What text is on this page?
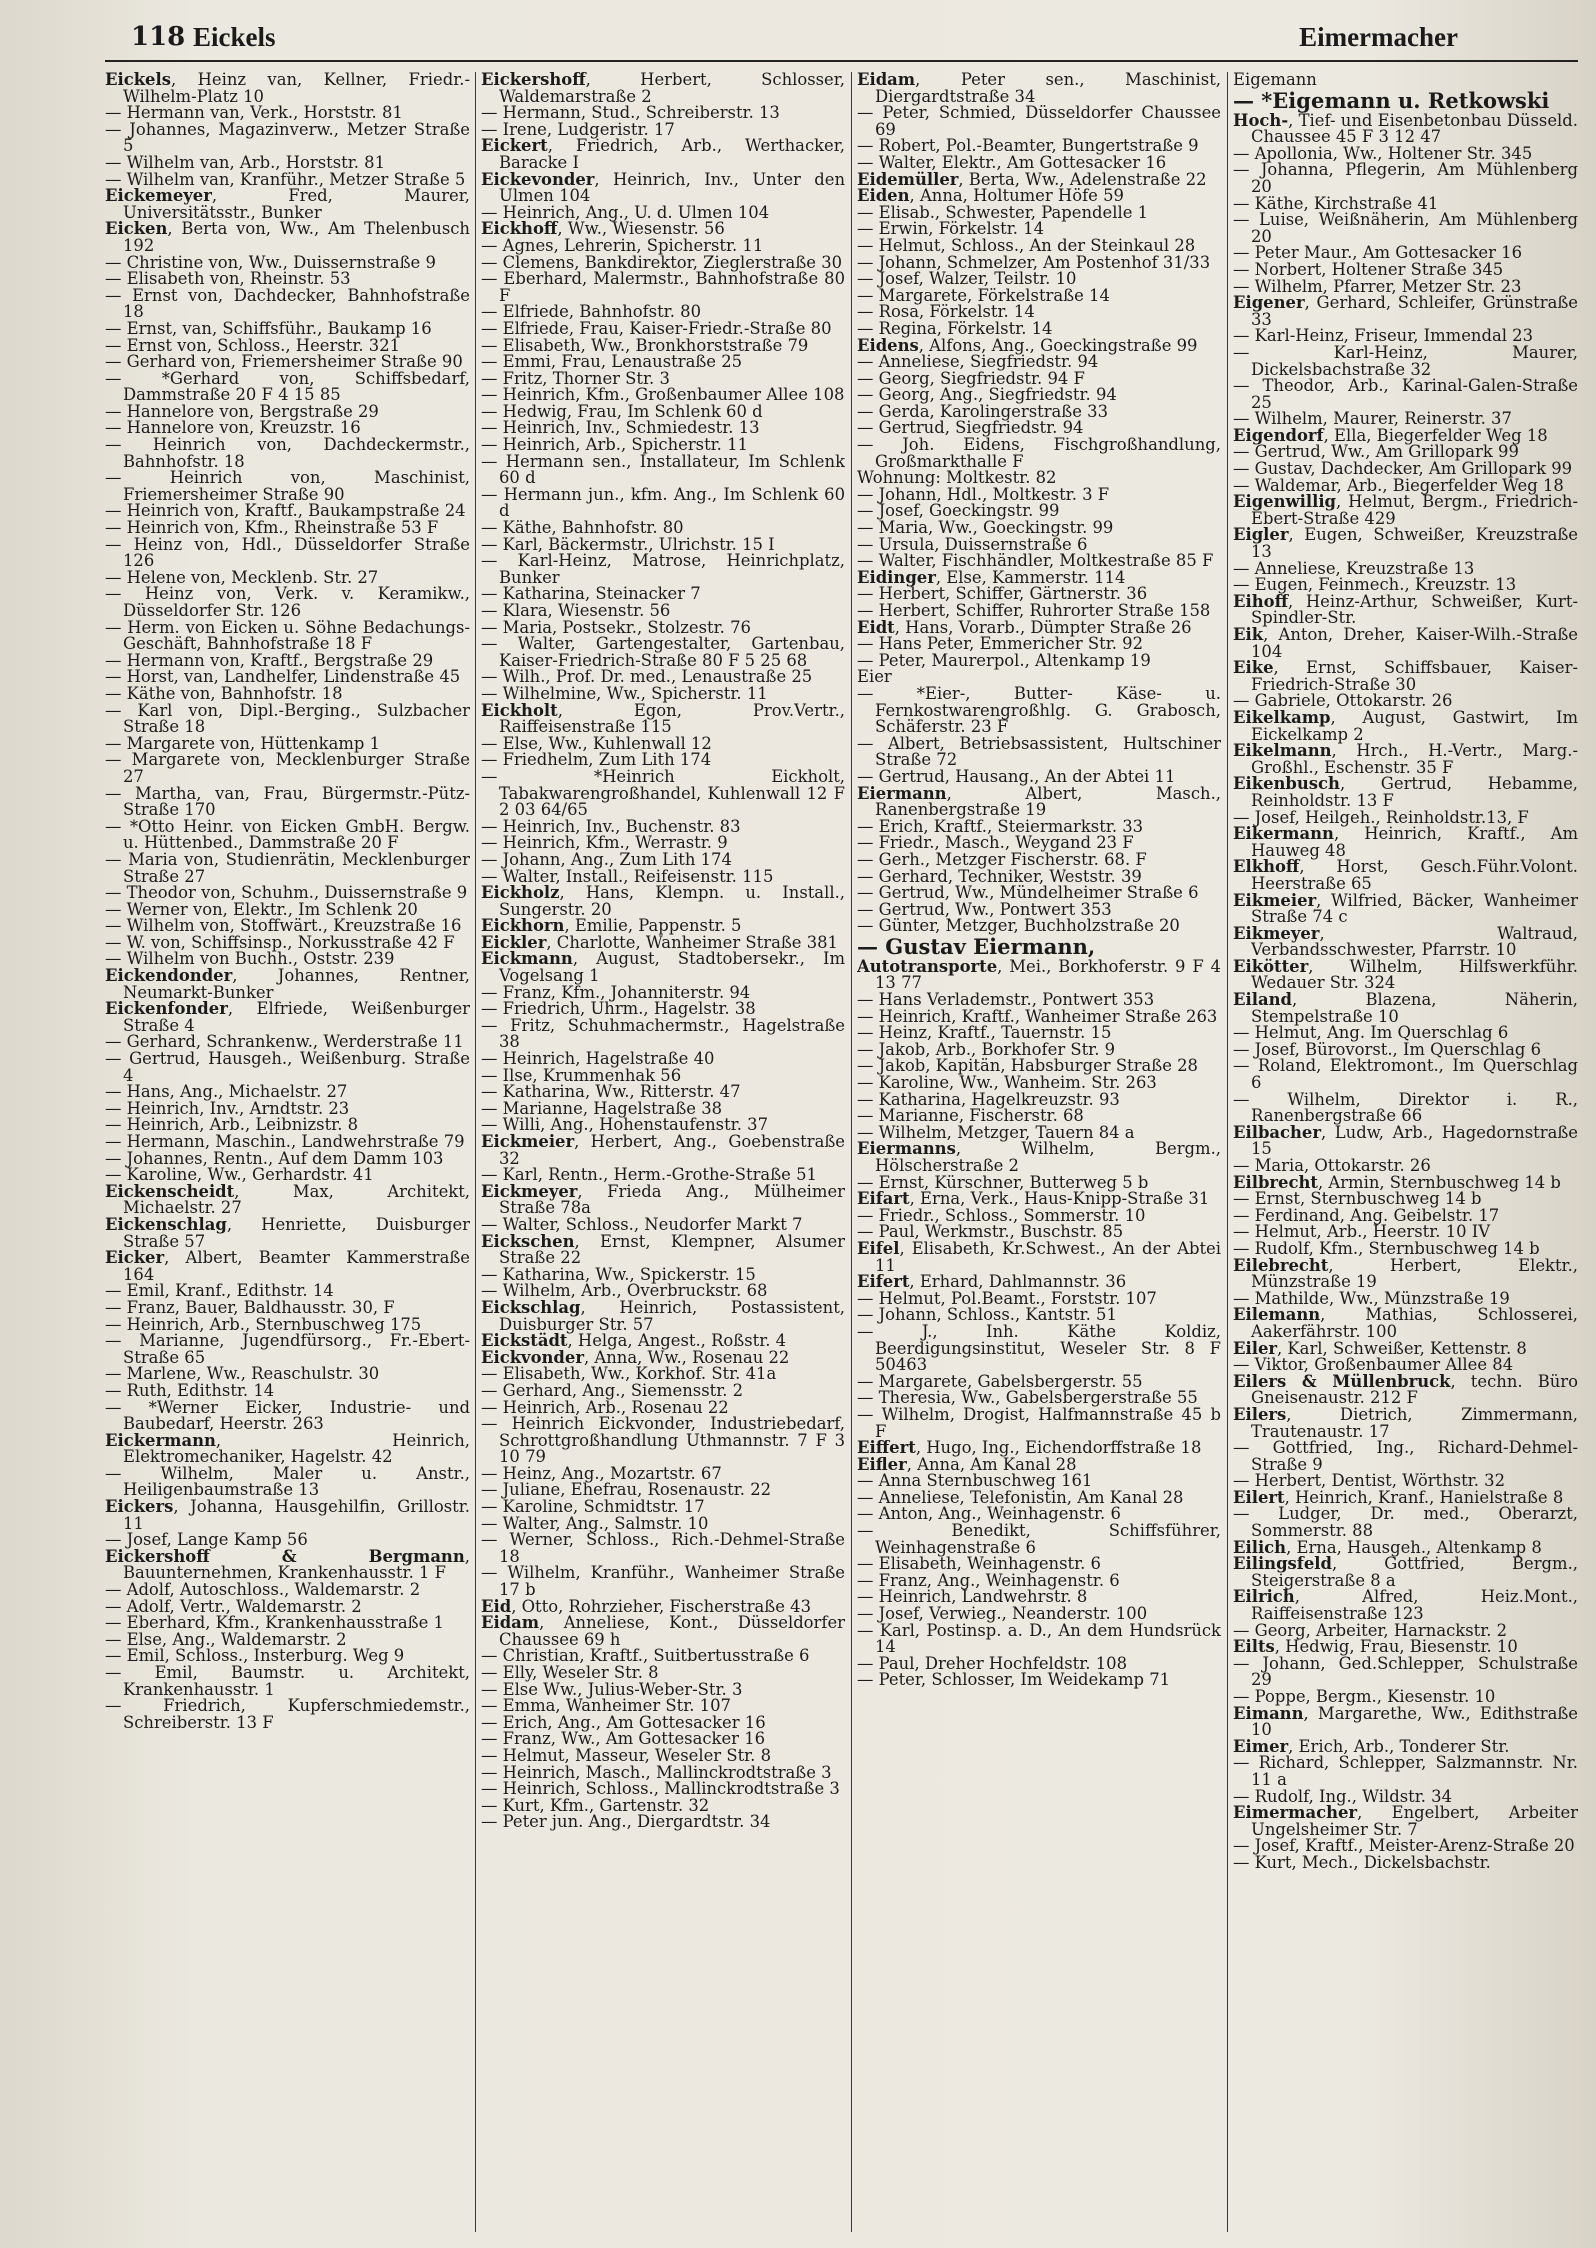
118 Eickels	Eimermacher
Eickels, Heinz van, Kellner, Friedr.-Wilhelm-Platz 10
— Hermann van, Verk., Horststr. 81
— Johannes, Magazinverw., Metzer Straße 5
— Wilhelm van, Arb., Horststr. 81
— Wilhelm van, Kranführ., Metzer Straße 5
Eickemeyer, Fred, Maurer, Universitätsstr., Bunker
Eicken, Berta von, Ww., Am Thelenbusch 192
— Christine von, Ww., Duissernstraße 9
— Elisabeth von, Rheinstr. 53
— Ernst von, Dachdecker, Bahnhofstraße 18
— Ernst, van, Schiffsführ., Baukamp 16
— Ernst von, Schloss., Heerstr. 321
— Gerhard von, Friemersheimer Straße 90
— *Gerhard von, Schiffsbedarf, Dammstraße 20 F 4 15 85
— Hannelore von, Bergstraße 29
— Hannelore von, Kreuzstr. 16
— Heinrich von, Dachdeckermstr., Bahnhofstr. 18
— Heinrich von, Maschinist, Friemersheimer Straße 90
— Heinrich von, Kraftf., Baukampstraße 24
— Heinrich von, Kfm., Rheinstraße 53 F
— Heinz von, Hdl., Düsseldorfer Straße 126
— Helene von, Mecklenb. Str. 27
— Heinz von, Verk. v. Keramikw., Düsseldorfer Str. 126
— Herm. von Eicken u. Söhne Bedachungs-Geschäft, Bahnhofstraße 18 F
— Hermann von, Kraftf., Bergstraße 29
— Horst, van, Landhelfer, Lindenstraße 45
— Käthe von, Bahnhofstr. 18
— Karl von, Dipl.-Berging., Sulzbacher Straße 18
— Margarete von, Hüttenkamp 1
— Margarete von, Mecklenburger Straße 27
— Martha, van, Frau, Bürgermstr.-Pütz-Straße 170
— *Otto Heinr. von Eicken GmbH. Bergw. u. Hüttenbed., Dammstraße 20 F
— Maria von, Studienrätin, Mecklenburger Straße 27
— Theodor von, Schuhm., Duissernstraße 9
— Werner von, Elektr., Im Schlenk 20
— Wilhelm von, Stoffwärt., Kreuzstraße 16
— W. von, Schiffsinsp., Norkusstraße 42 F
— Wilhelm von Buchh., Oststr. 239
Eickendonder, Johannes, Rentner, Neumarkt-Bunker
Eickenfonder, Elfriede, Weißenburger Straße 4
— Gerhard, Schrankenw., Werderstraße 11
— Gertrud, Hausgeh., Weißenburg. Straße 4
— Hans, Ang., Michaelstr. 27
— Heinrich, Inv., Arndtstr. 23
— Heinrich, Arb., Leibnizstr. 8
— Hermann, Maschin., Landwehrstraße 79
— Johannes, Rentn., Auf dem Damm 103
— Karoline, Ww., Gerhardstr. 41
Eickenscheidt, Max, Architekt, Michaelstr. 27
Eickenschlag, Henriette, Duisburger Straße 57
Eicker, Albert, Beamter Kammerstraße 164
— Emil, Kranf., Edithstr. 14
— Franz, Bauer, Baldhausstr. 30, F
— Heinrich, Arb., Sternbuschweg 175
— Marianne, Jugendfürsorg., Fr.-Ebert-Straße 65
— Marlene, Ww., Reaschulstr. 30
— Ruth, Edithstr. 14
— *Werner Eicker, Industrie- und Baubedarf, Heerstr. 263
Eickermann, Heinrich, Elektromechaniker, Hagelstr. 42
— Wilhelm, Maler u. Anstr., Heiligenbaumstraße 13
Eickers, Johanna, Hausgehilfin, Grillostr. 11
— Josef, Lange Kamp 56
Eickershoff & Bergmann, Bauunternehmen, Krankenhausstr. 1 F
— Adolf, Autoschloss., Waldemarstr. 2
— Adolf, Vertr., Waldemarstr. 2
— Eberhard, Kfm., Krankenhausstraße 1
— Else, Ang., Waldemarstr. 2
— Emil, Schloss., Insterburg. Weg 9
— Emil, Baumstr. u. Architekt, Krankenhausstr. 1
— Friedrich, Kupferschmiedemstr., Schreiberstr. 13 F
Eickershoff, Herbert, Schlosser, Waldemarstraße 2
— Hermann, Stud., Schreiberstr. 13
— Irene, Ludgeristr. 17
Eickert, Friedrich, Arb., Werthacker, Baracke I
Eickevonder, Heinrich, Inv., Unter den Ulmen 104
— Heinrich, Ang., U. d. Ulmen 104
Eickhoff, Ww., Wiesenstr. 56
— Agnes, Lehrerin, Spicherstr. 11
— Clemens, Bankdirektor, Zieglerstraße 30
— Eberhard, Malermstr., Bahnhofstraße 80 F
— Elfriede, Bahnhofstr. 80
— Elfriede, Frau, Kaiser-Friedr.-Straße 80
— Elisabeth, Ww., Bronkhorststraße 79
— Emmi, Frau, Lenaustraße 25
— Fritz, Thorner Str. 3
— Heinrich, Kfm., Großenbaumer Allee 108
— Hedwig, Frau, Im Schlenk 60 d
— Heinrich, Inv., Schmiedestr. 13
— Heinrich, Arb., Spicherstr. 11
— Hermann sen., Installateur, Im Schlenk 60 d
— Hermann jun., kfm. Ang., Im Schlenk 60 d
— Käthe, Bahnhofstr. 80
— Karl, Bäckermstr., Ulrichstr. 15 I
— Karl-Heinz, Matrose, Heinrichplatz, Bunker
— Katharina, Steinacker 7
— Klara, Wiesenstr. 56
— Maria, Postsekr., Stolzestr. 76
— Walter, Gartengestalter, Gartenbau, Kaiser-Friedrich-Straße 80 F 5 25 68
— Wilh., Prof. Dr. med., Lenaustraße 25
— Wilhelmine, Ww., Spicherstr. 11
Eickholt, Egon, Prov.Vertr., Raiffeisenstraße 115
— Else, Ww., Kuhlenwall 12
— Friedhelm, Zum Lith 174
— *Heinrich Eickholt, Tabakwarengroßhandel, Kuhlenwall 12 F 2 03 64/65
— Heinrich, Inv., Buchenstr. 83
— Heinrich, Kfm., Werrastr. 9
— Johann, Ang., Zum Lith 174
— Walter, Install., Reifeisenstr. 115
Eickholz, Hans, Klempn. u. Install., Sungerstr. 20
Eickhorn, Emilie, Pappenstr. 5
Eickler, Charlotte, Wanheimer Straße 381
Eickmann, August, Stadtobersekr., Im Vogelsang 1
— Franz, Kfm., Johanniterstr. 94
— Friedrich, Uhrm., Hagelstr. 38
— Fritz, Schuhmachermstr., Hagelstraße 38
— Heinrich, Hagelstraße 40
— Ilse, Krummenhak 56
— Katharina, Ww., Ritterstr. 47
— Marianne, Hagelstraße 38
— Willi, Ang., Hohenstaufenstr. 37
Eickmeier, Herbert, Ang., Goebenstraße 32
— Karl, Rentn., Herm.-Grothe-Straße 51
Eickmeyer, Frieda Ang., Mülheimer Straße 78a
— Walter, Schloss., Neudorfer Markt 7
Eickschen, Ernst, Klempner, Alsumer Straße 22
— Katharina, Ww., Spickerstr. 15
— Wilhelm, Arb., Overbruckstr. 68
Eickschlag, Heinrich, Postassistent, Duisburger Str. 57
Eickstädt, Helga, Angest., Roßstr. 4
Eickvonder, Anna, Ww., Rosenau 22
— Elisabeth, Ww., Korkhof. Str. 41a
— Gerhard, Ang., Siemensstr. 2
— Heinrich, Arb., Rosenau 22
— Heinrich Eickvonder, Industriebedarf, Schrottgroßhandlung Uthmannstr. 7 F 3 10 79
— Heinz, Ang., Mozartstr. 67
— Juliane, Ehefrau, Rosenaustr. 22
— Karoline, Schmidtstr. 17
— Walter, Ang., Salmstr. 10
— Werner, Schloss., Rich.-Dehmel-Straße 18
— Wilhelm, Kranführ., Wanheimer Straße 17 b
Eid, Otto, Rohrzieher, Fischerstraße 43
Eidam, Anneliese, Kont., Düsseldorfer Chaussee 69 h
— Christian, Kraftf., Suitbertusstraße 6
— Elly, Weseler Str. 8
— Else Ww., Julius-Weber-Str. 3
— Emma, Wanheimer Str. 107
— Erich, Ang., Am Gottesacker 16
— Franz, Ww., Am Gottesacker 16
— Helmut, Masseur, Weseler Str. 8
— Heinrich, Masch., Mallinckrodtstraße 3
— Heinrich, Schloss., Mallinckrodtstraße 3
— Kurt, Kfm., Gartenstr. 32
— Peter jun. Ang., Diergardtstr. 34
Eidam, Peter sen., Maschinist, Diergardtstraße 34
— Peter, Schmied, Düsseldorfer Chaussee 69
— Robert, Pol.-Beamter, Bungertstraße 9
— Walter, Elektr., Am Gottesacker 16
Eidemüller, Berta, Ww., Adelenstraße 22
Eiden, Anna, Holtumer Höfe 59
— Elisab., Schwester, Papendelle 1
— Erwin, Förkelstr. 14
— Helmut, Schloss., An der Steinkaul 28
— Johann, Schmelzer, Am Postenhof 31/33
— Josef, Walzer, Teilstr. 10
— Margarete, Förkelstraße 14
— Rosa, Förkelstr. 14
— Regina, Förkelstr. 14
Eidens, Alfons, Ang., Goeckingstraße 99
— Anneliese, Siegfriedstr. 94
— Georg, Siegfriedstr. 94 F
— Georg, Ang., Siegfriedstr. 94
— Gerda, Karolingerstraße 33
— Gertrud, Siegfriedstr. 94
— Joh. Eidens, Fischgroßhandlung, Großmarkthalle F
Wohnung: Moltkestr. 82
— Johann, Hdl., Moltkestr. 3 F
— Josef, Goeckingstr. 99
— Maria, Ww., Goeckingstr. 99
— Ursula, Duissernstraße 6
— Walter, Fischhändler, Moltkestraße 85 F
Eidinger, Else, Kammerstr. 114
— Herbert, Schiffer, Gärtnerstr. 36
— Herbert, Schiffer, Ruhrorter Straße 158
Eidt, Hans, Vorarb., Dümpter Straße 26
— Hans Peter, Emmericher Str. 92
— Peter, Maurerpol., Altenkamp 19
Eier
— *Eier-, Butter- Käse- u. Fernkostwarengroßhlg. G. Grabosch, Schäferstr. 23 F
— Albert, Betriebsassistent, Hultschiner Straße 72
— Gertrud, Hausang., An der Abtei 11
Eiermann, Albert, Masch., Ranenbergstraße 19
— Erich, Kraftf., Steiermarkstr. 33
— Friedr., Masch., Weygand 23 F
— Gerh., Metzger Fischerstr. 68. F
— Gerhard, Techniker, Weststr. 39
— Gertrud, Ww., Mündelheimer Straße 6
— Gertrud, Ww., Pontwert 353
— Günter, Metzger, Buchholzstraße 20
— Gustav Eiermann,
Autotransporte, Mei., Borkhoferstr. 9 F 4 13 77
— Hans Verlademstr., Pontwert 353
— Heinrich, Kraftf., Wanheimer Straße 263
— Heinz, Kraftf., Tauernstr. 15
— Jakob, Arb., Borkhofer Str. 9
— Jakob, Kapitän, Habsburger Straße 28
— Karoline, Ww., Wanheim. Str. 263
— Katharina, Hagelkreuzstr. 93
— Marianne, Fischerstr. 68
— Wilhelm, Metzger, Tauern 84 a
Eiermanns, Wilhelm, Bergm., Hölscherstraße 2
— Ernst, Kürschner, Butterweg 5 b
Eifart, Erna, Verk., Haus-Knipp-Straße 31
— Friedr., Schloss., Sommerstr. 10
— Paul, Werkmstr., Buschstr. 85
Eifel, Elisabeth, Kr.Schwest., An der Abtei 11
Eifert, Erhard, Dahlmannstr. 36
— Helmut, Pol.Beamt., Forststr. 107
— Johann, Schloss., Kantstr. 51
— J., Inh. Käthe Koldiz, Beerdigungsinstitut, Weseler Str. 8 F 50463
— Margarete, Gabelsbergerstr. 55
— Theresia, Ww., Gabelsbergerstraße 55
— Wilhelm, Drogist, Halfmannstraße 45 b F
Eiffert, Hugo, Ing., Eichendorffstraße 18
Eifler, Anna, Am Kanal 28
— Anna Sternbuschweg 161
— Anneliese, Telefonistin, Am Kanal 28
— Anton, Ang., Weinhagenstr. 6
— Benedikt, Schiffsführer, Weinhagenstraße 6
— Elisabeth, Weinhagenstr. 6
— Franz, Ang., Weinhagenstr. 6
— Heinrich, Landwehrstr. 8
— Josef, Verwieg., Neanderstr. 100
— Karl, Postinsp. a. D., An dem Hundsrück 14
— Paul, Dreher Hochfeldstr. 108
— Peter, Schlosser, Im Weidekamp 71
Eigemann
— *Eigemann u. Retkowski
Hoch-, Tief- und Eisenbetonbau Düsseld. Chaussee 45 F 3 12 47
— Apollonia, Ww., Holtener Str. 345
— Johanna, Pflegerin, Am Mühlenberg 20
— Käthe, Kirchstraße 41
— Luise, Weißnäherin, Am Mühlenberg 20
— Peter Maur., Am Gottesacker 16
— Norbert, Holtener Straße 345
— Wilhelm, Pfarrer, Metzer Str. 23
Eigener, Gerhard, Schleifer, Grünstraße 33
— Karl-Heinz, Friseur, Immendal 23
— Karl-Heinz, Maurer, Dickelsbachstraße 32
— Theodor, Arb., Karinal-Galen-Straße 25
— Wilhelm, Maurer, Reinerstr. 37
Eigendorf, Ella, Biegerfelder Weg 18
— Gertrud, Ww., Am Grillopark 99
— Gustav, Dachdecker, Am Grillopark 99
— Waldemar, Arb., Biegerfelder Weg 18
Eigenwillig, Helmut, Bergm., Friedrich-Ebert-Straße 429
Eigler, Eugen, Schweißer, Kreuzstraße 13
— Anneliese, Kreuzstraße 13
— Eugen, Feinmech., Kreuzstr. 13
Eihoff, Heinz-Arthur, Schweißer, Kurt-Spindler-Str.
Eik, Anton, Dreher, Kaiser-Wilh.-Straße 104
Eike, Ernst, Schiffsbauer, Kaiser-Friedrich-Straße 30
— Gabriele, Ottokarstr. 26
Eikelkamp, August, Gastwirt, Im Eickelkamp 2
Eikelmann, Hrch., H.-Vertr., Marg.-Großhl., Eschenstr. 35 F
Eikenbusch, Gertrud, Hebamme, Reinholdstr. 13 F
— Josef, Heilgeh., Reinholdstr.13, F
Eikermann, Heinrich, Kraftf., Am Hauweg 48
Elkhoff, Horst, Gesch.Führ.Volont. Heerstraße 65
Eikmeier, Wilfried, Bäcker, Wanheimer Straße 74 c
Eikmeyer, Waltraud, Verbandsschwester, Pfarrstr. 10
Eikötter, Wilhelm, Hilfswerkführ. Wedauer Str. 324
Eiland, Blazena, Näherin, Stempelstraße 10
— Helmut, Ang. Im Querschlag 6
— Josef, Bürovorst., Im Querschlag 6
— Roland, Elektromont., Im Querschlag 6
— Wilhelm, Direktor i. R., Ranenbergstraße 66
Eilbacher, Ludw, Arb., Hagedornstraße 15
— Maria, Ottokarstr. 26
Eilbrecht, Armin, Sternbuschweg 14 b
— Ernst, Sternbuschweg 14 b
— Ferdinand, Ang. Geibelstr. 17
— Helmut, Arb., Heerstr. 10 IV
— Rudolf, Kfm., Sternbuschweg 14 b
Eilebrecht, Herbert, Elektr., Münzstraße 19
— Mathilde, Ww., Münzstraße 19
Eilemann, Mathias, Schlosserei, Aakerfährstr. 100
Eiler, Karl, Schweißer, Kettenstr. 8
— Viktor, Großenbaumer Allee 84
Eilers & Müllenbruck, techn. Büro Gneisenaustr. 212 F
Eilers, Dietrich, Zimmermann, Trautenaustr. 17
— Gottfried, Ing., Richard-Dehmel-Straße 9
— Herbert, Dentist, Wörthstr. 32
Eilert, Heinrich, Kranf., Hanielstraße 8
— Ludger, Dr. med., Oberarzt, Sommerstr. 88
Eilich, Erna, Hausgeh., Altenkamp 8
Eilingsfeld, Gottfried, Bergm., Steigerstraße 8 a
Eilrich, Alfred, Heiz.Mont., Raiffeisenstraße 123
— Georg, Arbeiter, Harnackstr. 2
Eilts, Hedwig, Frau, Biesenstr. 10
— Johann, Ged.Schlepper, Schulstraße 29
— Poppe, Bergm., Kiesenstr. 10
Eimann, Margarethe, Ww., Edithstraße 10
Eimer, Erich, Arb., Tonderer Str.
— Richard, Schlepper, Salzmannstr. Nr. 11 a
— Rudolf, Ing., Wildstr. 34
Eimermacher, Engelbert, Arbeiter Ungelsheimer Str. 7
— Josef, Kraftf., Meister-Arenz-Straße 20
— Kurt, Mech., Dickelsbachstr.
